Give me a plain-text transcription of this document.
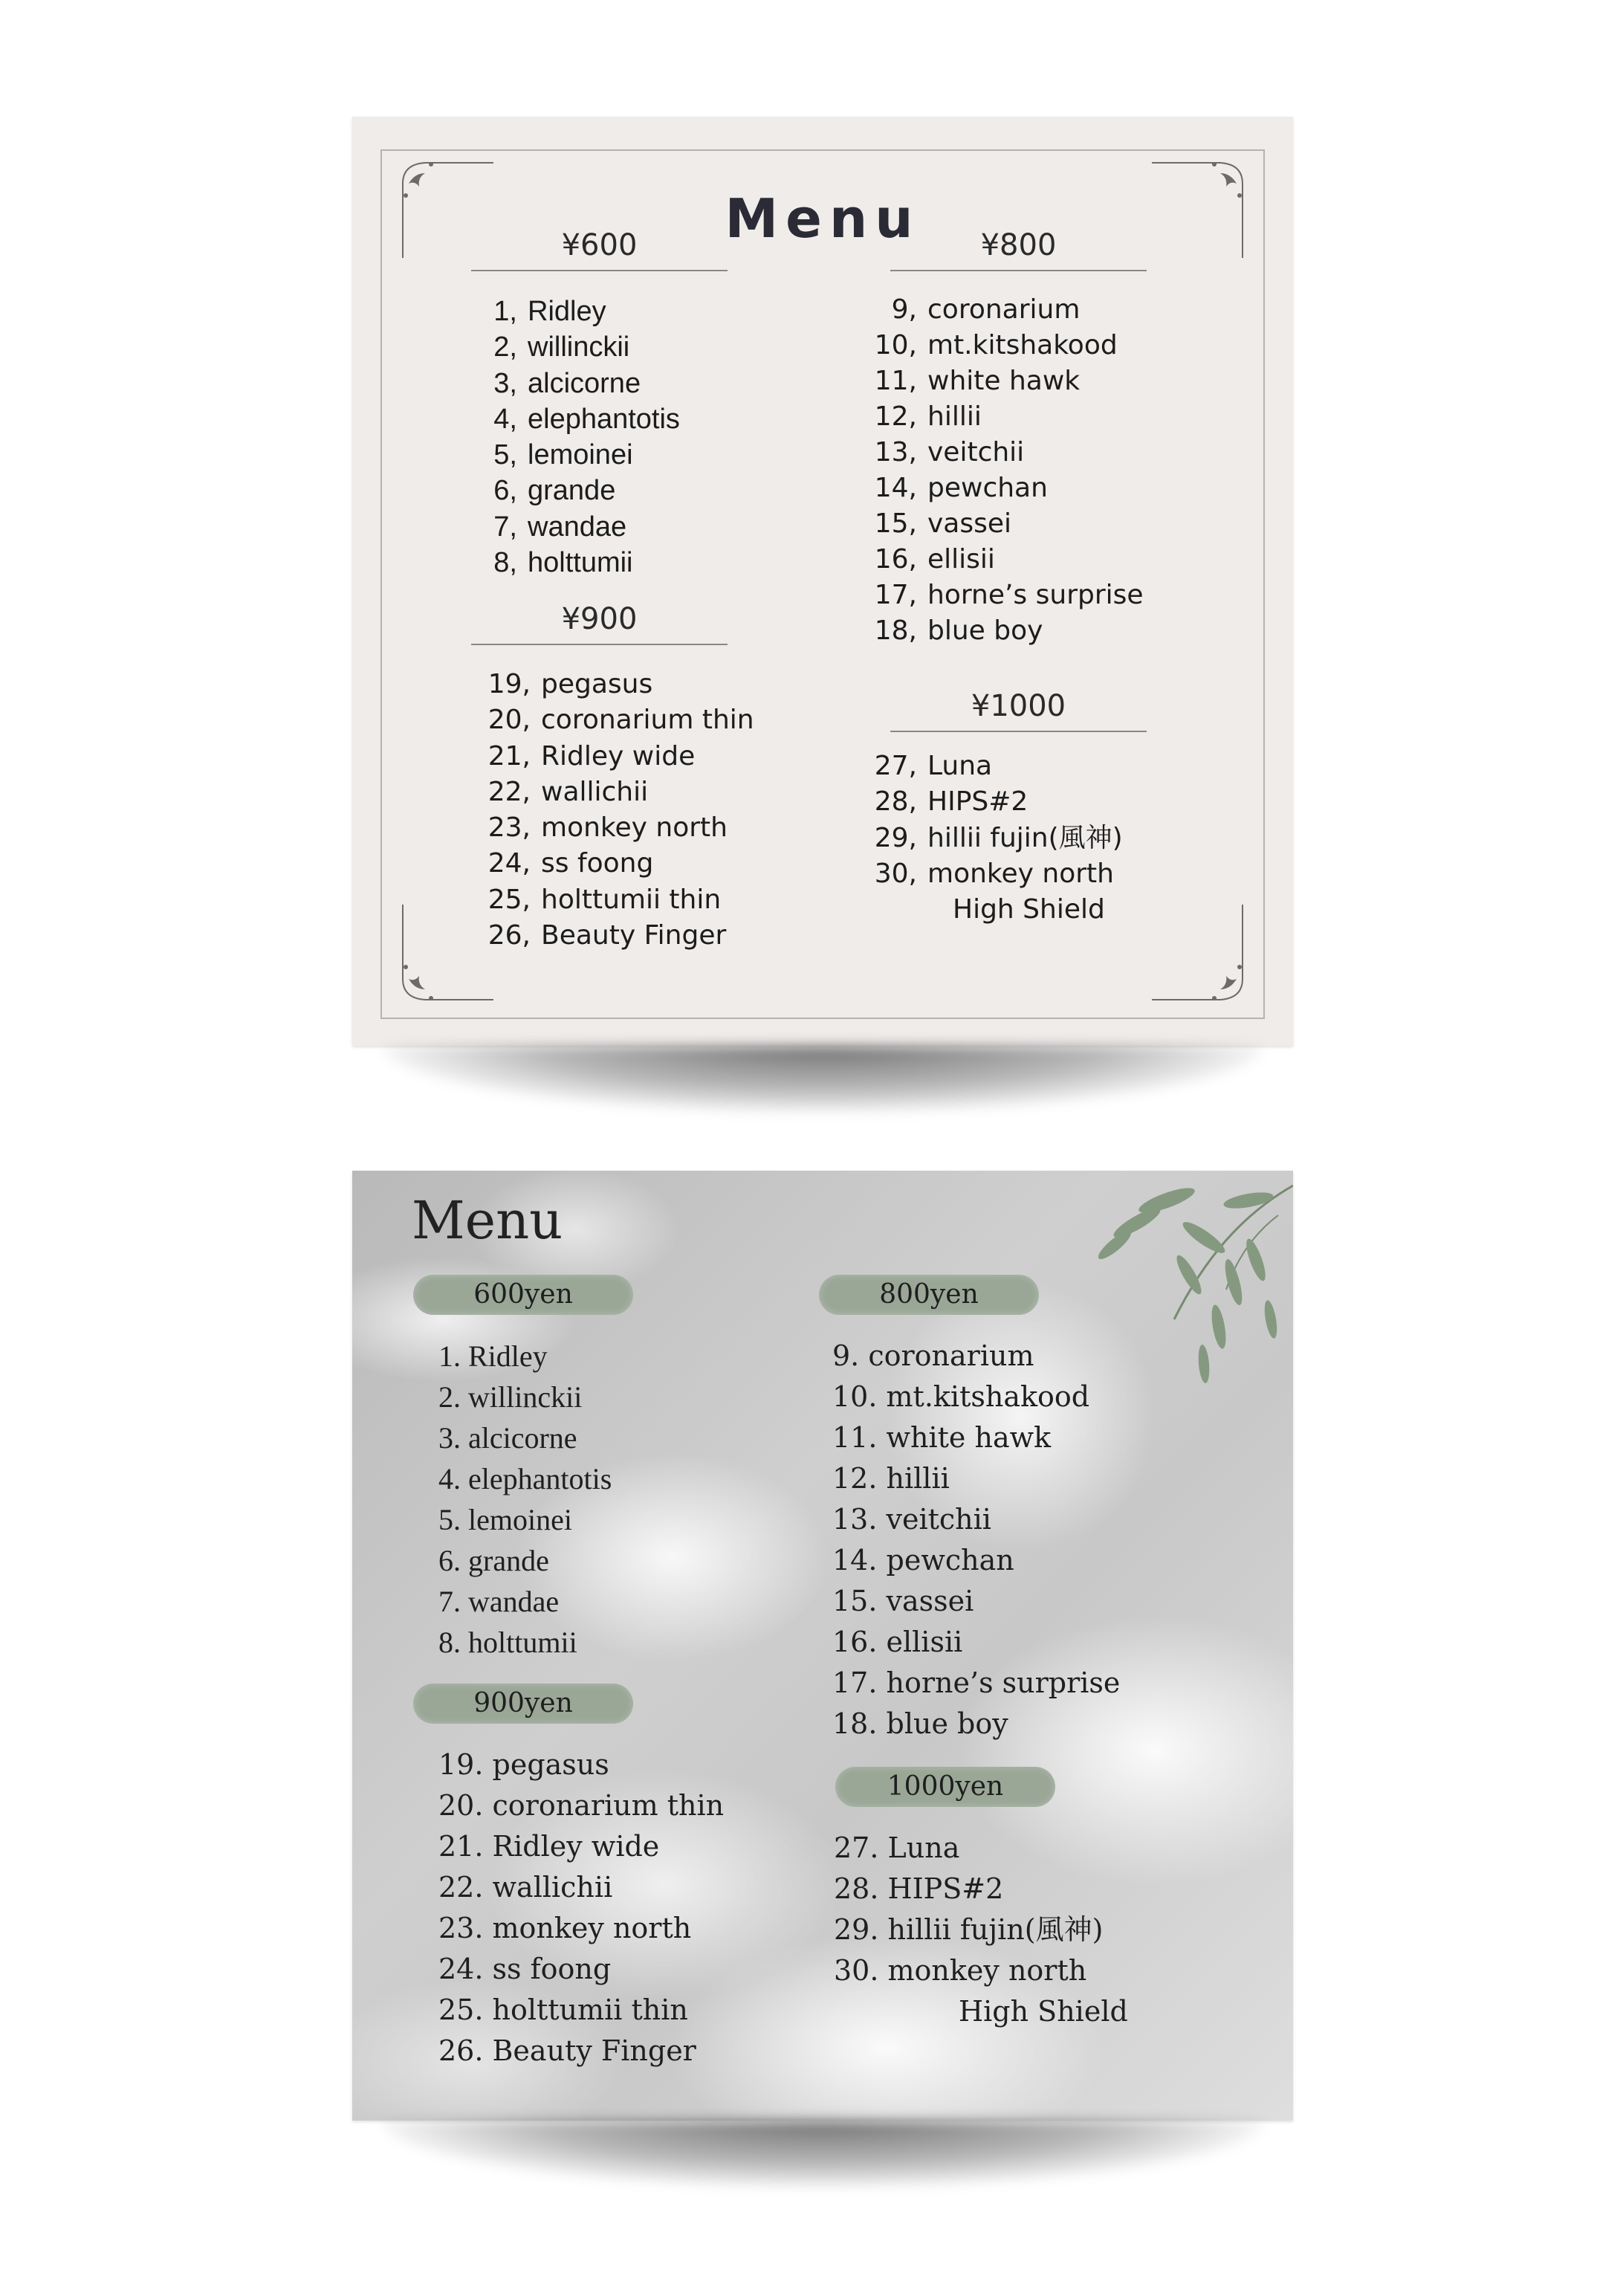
Menu
¥600	¥800
¥900
¥1000
1, Ridley
2, willinckii
3, alcicorne
4, elephantotis
5, lemoinei
6, grande
7, wandae
8, holttumii
9, coronarium
10, mt.kitshakood
11, white hawk
12, hillii
13, veitchii
14, pewchan
15, vassei
16, ellisii
17, horne’s surprise
18, blue boy
19, pegasus
20, coronarium thin
21, Ridley wide
22, wallichii
23, monkey north
24, ss foong
25, holttumii thin
26, Beauty Finger
27, Luna
28, HIPS#2
29, hillii fujin(風神)
30, monkey north
High Shield
Menu
600yen	800yen
900yen
1000yen
1. Ridley
2. willinckii
3. alcicorne
4. elephantotis
5. lemoinei
6. grande
7. wandae
8. holttumii
9. coronarium
10. mt.kitshakood
11. white hawk
12. hillii
13. veitchii
14. pewchan
15. vassei
16. ellisii
17. horne’s surprise
18. blue boy
19. pegasus
20. coronarium thin
21. Ridley wide
22. wallichii
23. monkey north
24. ss foong
25. holttumii thin
26. Beauty Finger
27. Luna
28. HIPS#2
29. hillii fujin(風神)
30. monkey north
High Shield
